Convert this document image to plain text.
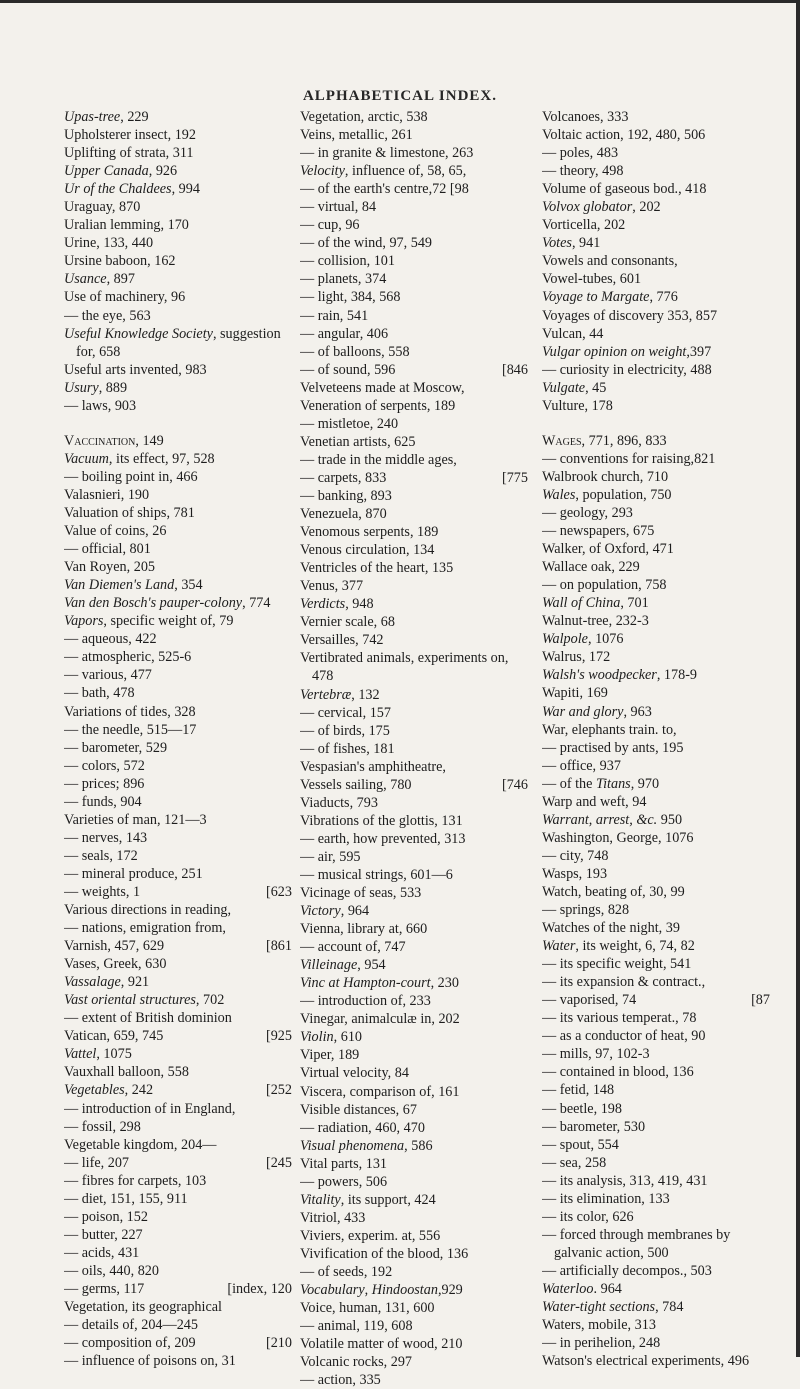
ALPHABETICAL INDEX.
Upas-tree, 229
Upholsterer insect, 192
Uplifting of strata, 311
Upper Canada, 926
Ur of the Chaldees, 994
Uraguay, 870
Uralian lemming, 170
Urine, 133, 440
Ursine baboon, 162
Usance, 897
Use of machinery, 96
— the eye, 563
Useful Knowledge Society, suggestion for, 658
Useful arts invented, 983
Usury, 889
— laws, 903
Vaccination, 149
Vacuum, its effect, 97, 528
— boiling point in, 466
Valasnieri, 190
Valuation of ships, 781
Value of coins, 26
— official, 801
Van Royen, 205
Van Diemen's Land, 354
Van den Bosch's pauper-colony, 774
Vapors, specific weight of, 79
— aqueous, 422
— atmospheric, 525-6
— various, 477
— bath, 478
Variations of tides, 328
— the needle, 515—17
— barometer, 529
— colors, 572
— prices; 896
— funds, 904
Varieties of man, 121—3
— nerves, 143
— seals, 172
— mineral produce, 251
— weights, 1	[623
Various directions in reading,
— nations, emigration from,
Varnish, 457, 629	[861
Vases, Greek, 630
Vassalage, 921
Vast oriental structures, 702
— extent of British dominion
Vatican, 659, 745	[925
Vattel, 1075
Vauxhall balloon, 558
Vegetables, 242	[252
— introduction of in England,
— fossil, 298
Vegetable kingdom, 204—
— life, 207	[245
— fibres for carpets, 103
— diet, 151, 155, 911
— poison, 152
— butter, 227
— acids, 431
— oils, 440, 820
— germs, 117	[index, 120
Vegetation, its geographical
— details of, 204—245
— composition of, 209	[210
— influence of poisons on, 31
Vegetation, arctic, 538
Veins, metallic, 261
— in granite & limestone, 263
Velocity, influence of, 58, 65,
— of the earth's centre,72 [98
— virtual, 84
— cup, 96
— of the wind, 97, 549
— collision, 101
— planets, 374
— light, 384, 568
— rain, 541
— angular, 406
— of balloons, 558
— of sound, 596	[846
Velveteens made at Moscow,
Veneration of serpents, 189
— mistletoe, 240
Venetian artists, 625
— trade in the middle ages,
— carpets, 833	[775
— banking, 893
Venezuela, 870
Venomous serpents, 189
Venous circulation, 134
Ventricles of the heart, 135
Venus, 377
Verdicts, 948
Vernier scale, 68
Versailles, 742
Vertibrated animals, experiments on, 478
Vertebræ, 132
— cervical, 157
— of birds, 175
— of fishes, 181
Vespasian's amphitheatre,
Vessels sailing, 780	[746
Viaducts, 793
Vibrations of the glottis, 131
— earth, how prevented, 313
— air, 595
— musical strings, 601—6
Vicinage of seas, 533
Victory, 964
Vienna, library at, 660
— account of, 747
Villeinage, 954
Vinc at Hampton-court, 230
— introduction of, 233
Vinegar, animalculæ in, 202
Violin, 610
Viper, 189
Virtual velocity, 84
Viscera, comparison of, 161
Visible distances, 67
— radiation, 460, 470
Visual phenomena, 586
Vital parts, 131
— powers, 506
Vitality, its support, 424
Vitriol, 433
Viviers, experim. at, 556
Vivification of the blood, 136
— of seeds, 192
Vocabulary, Hindoostan,929
Voice, human, 131, 600
— animal, 119, 608
Volatile matter of wood, 210
Volcanic rocks, 297
— action, 335
Volcanoes, 333
Voltaic action, 192, 480, 506
— poles, 483
— theory, 498
Volume of gaseous bod., 418
Volvox globator, 202
Vorticella, 202
Votes, 941
Vowels and consonants,
Vowel-tubes, 601
Voyage to Margate, 776
Voyages of discovery 353, 857
Vulcan, 44
Vulgar opinion on weight,397
— curiosity in electricity, 488
Vulgate, 45
Vulture, 178
Wages, 771, 896, 833
— conventions for raising,821
Walbrook church, 710
Wales, population, 750
— geology, 293
— newspapers, 675
Walker, of Oxford, 471
Wallace oak, 229
— on population, 758
Wall of China, 701
Walnut-tree, 232-3
Walpole, 1076
Walrus, 172
Walsh's woodpecker, 178-9
Wapiti, 169
War and glory, 963
War, elephants train. to,
— practised by ants, 195
— office, 937
— of the Titans, 970
Warp and weft, 94
Warrant, arrest, &c. 950
Washington, George, 1076
— city, 748
Wasps, 193
Watch, beating of, 30, 99
— springs, 828
Watches of the night, 39
Water, its weight, 6, 74, 82
— its specific weight, 541
— its expansion & contract.,
— vaporised, 74	[87
— its various temperat., 78
— as a conductor of heat, 90
— mills, 97, 102-3
— contained in blood, 136
— fetid, 148
— beetle, 198
— barometer, 530
— spout, 554
— sea, 258
— its analysis, 313, 419, 431
— its elimination, 133
— its color, 626
— forced through membranes by galvanic action, 500
— artificially decompos., 503
Waterloo. 964
Water-tight sections, 784
Waters, mobile, 313
— in perihelion, 248
Watson's electrical experiments, 496
